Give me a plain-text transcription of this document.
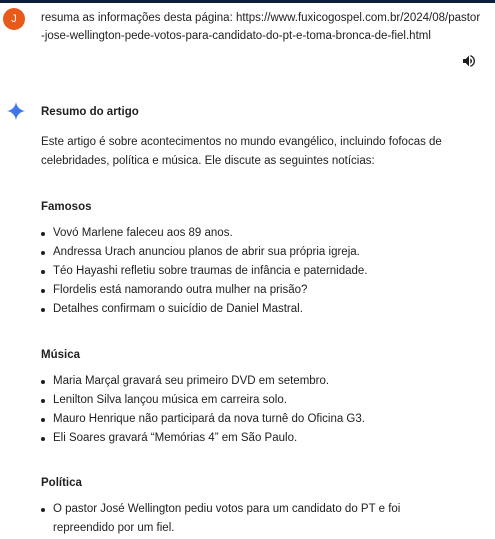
J	resuma as informações desta página: https://www.fuxicogospel.com.br/2024/08/pastor-jose-wellington-pede-votos-para-candidato-do-pt-e-toma-bronca-de-fiel.html

Resumo do artigo

Este artigo é sobre acontecimentos no mundo evangélico, incluindo fofocas de celebridades, política e música. Ele discute as seguintes notícias:

Famosos

Vovó Marlene faleceu aos 89 anos.
Andressa Urach anunciou planos de abrir sua própria igreja.
Téo Hayashi refletiu sobre traumas de infância e paternidade.
Flordelis está namorando outra mulher na prisão?
Detalhes confirmam o suicídio de Daniel Mastral.

Música

Maria Marçal gravará seu primeiro DVD em setembro.
Lenilton Silva lançou música em carreira solo.
Mauro Henrique não participará da nova turnê do Oficina G3.
Eli Soares gravará “Memórias 4” em São Paulo.

Política

O pastor José Wellington pediu votos para um candidato do PT e foi repreendido por um fiel.
